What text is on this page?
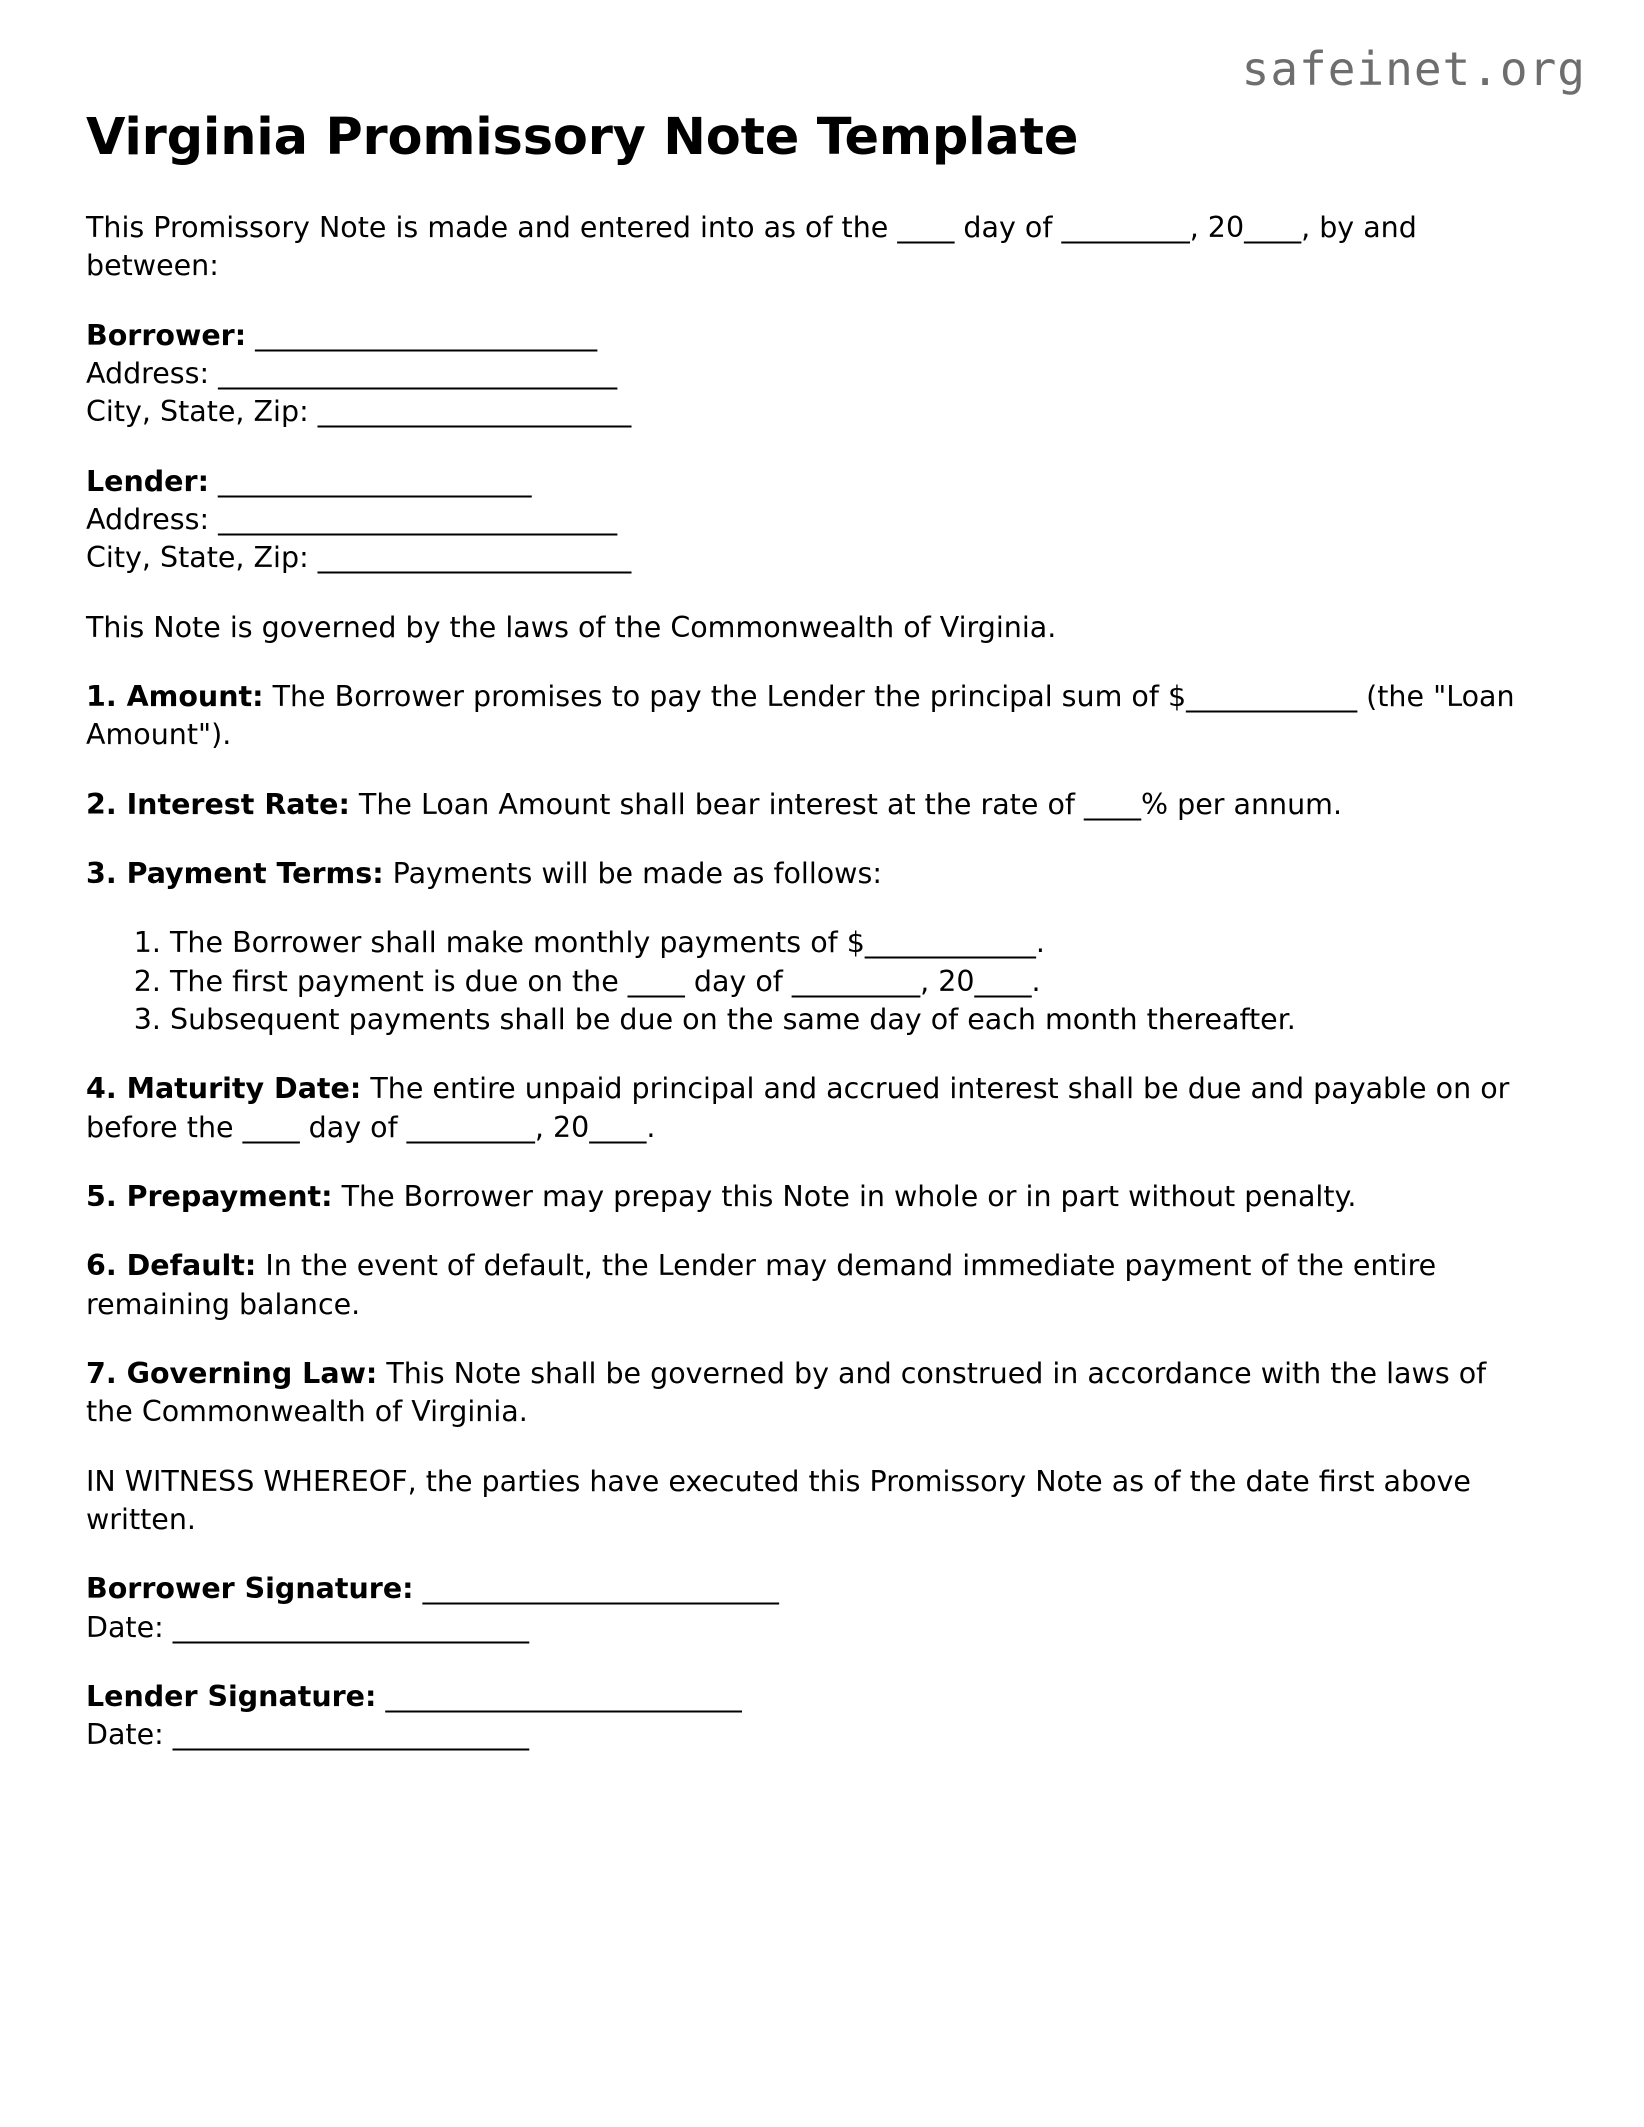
safeinet.org
Virginia Promissory Note Template

This Promissory Note is made and entered into as of the ____ day of _________, 20____, by and between:

Borrower: ________________________
Address: ____________________________
City, State, Zip: ______________________
Lender: ______________________
Address: ____________________________
City, State, Zip: ______________________

This Note is governed by the laws of the Commonwealth of Virginia.

1. Amount: The Borrower promises to pay the Lender the principal sum of $____________ (the "Loan Amount").

2. Interest Rate: The Loan Amount shall bear interest at the rate of ____% per annum.

3. Payment Terms: Payments will be made as follows:

1. The Borrower shall make monthly payments of $____________.
2. The first payment is due on the ____ day of _________, 20____.
3. Subsequent payments shall be due on the same day of each month thereafter.

4. Maturity Date: The entire unpaid principal and accrued interest shall be due and payable on or before the ____ day of _________, 20____.

5. Prepayment: The Borrower may prepay this Note in whole or in part without penalty.

6. Default: In the event of default, the Lender may demand immediate payment of the entire remaining balance.

7. Governing Law: This Note shall be governed by and construed in accordance with the laws of the Commonwealth of Virginia.

IN WITNESS WHEREOF, the parties have executed this Promissory Note as of the date first above written.

Borrower Signature: _________________________
Date: _________________________
Lender Signature: _________________________
Date: _________________________
